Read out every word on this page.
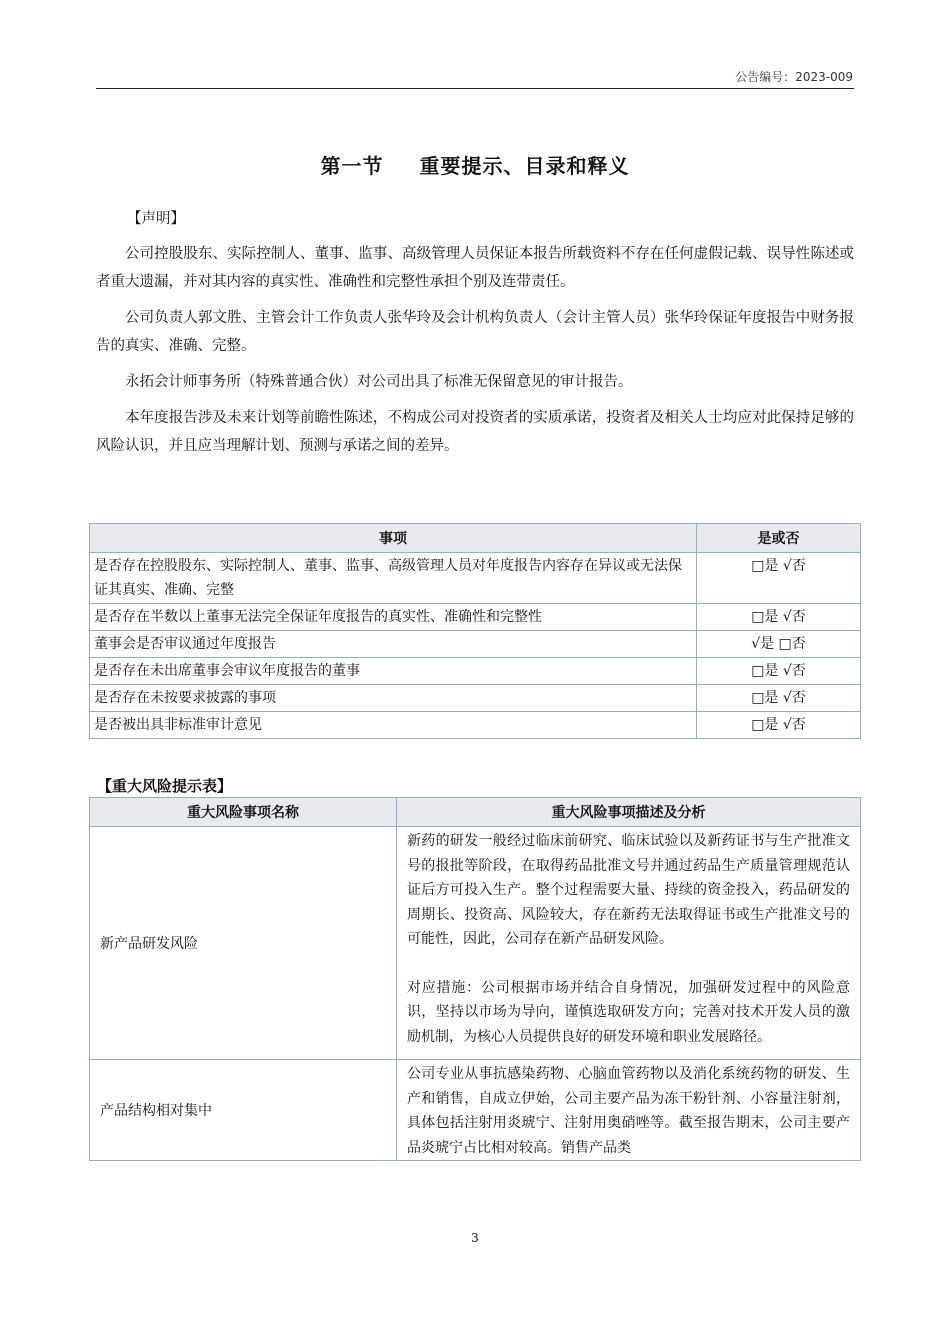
公告编号：2023-009
第一节 重要提示、目录和释义
【声明】

公司控股股东、实际控制人、董事、监事、高级管理人员保证本报告所载资料不存在任何虚假记载、误导性陈述或者重大遗漏，并对其内容的真实性、准确性和完整性承担个别及连带责任。

公司负责人郭文胜、主管会计工作负责人张华玲及会计机构负责人（会计主管人员）张华玲保证年度报告中财务报告的真实、准确、完整。

永拓会计师事务所（特殊普通合伙）对公司出具了标准无保留意见的审计报告。

本年度报告涉及未来计划等前瞻性陈述，不构成公司对投资者的实质承诺，投资者及相关人士均应对此保持足够的风险认识，并且应当理解计划、预测与承诺之间的差异。

事项	是或否
是否存在控股股东、实际控制人、董事、监事、高级管理人员对年度报告内容存在异议或无法保证其真实、准确、完整	□是 √否
是否存在半数以上董事无法完全保证年度报告的真实性、准确性和完整性	□是 √否
董事会是否审议通过年度报告	√是 □否
是否存在未出席董事会审议年度报告的董事	□是 √否
是否存在未按要求披露的事项	□是 √否
是否被出具非标准审计意见	□是 √否
【重大风险提示表】
重大风险事项名称	重大风险事项描述及分析
新产品研发风险	新药的研发一般经过临床前研究、临床试验以及新药证书与生产批准文号的报批等阶段，在取得药品批准文号并通过药品生产质量管理规范认证后方可投入生产。整个过程需要大量、持续的资金投入，药品研发的周期长、投资高、风险较大，存在新药无法取得证书或生产批准文号的可能性，因此，公司存在新产品研发风险。

对应措施：公司根据市场并结合自身情况，加强研发过程中的风险意识，坚持以市场为导向，谨慎选取研发方向；完善对技术开发人员的激励机制，为核心人员提供良好的研发环境和职业发展路径。

产品结构相对集中	公司专业从事抗感染药物、心脑血管药物以及消化系统药物的研发、生产和销售，自成立伊始，公司主要产品为冻干粉针剂、小容量注射剂，具体包括注射用炎琥宁、注射用奥硝唑等。截至报告期末，公司主要产品炎琥宁占比相对较高。销售产品类

3
